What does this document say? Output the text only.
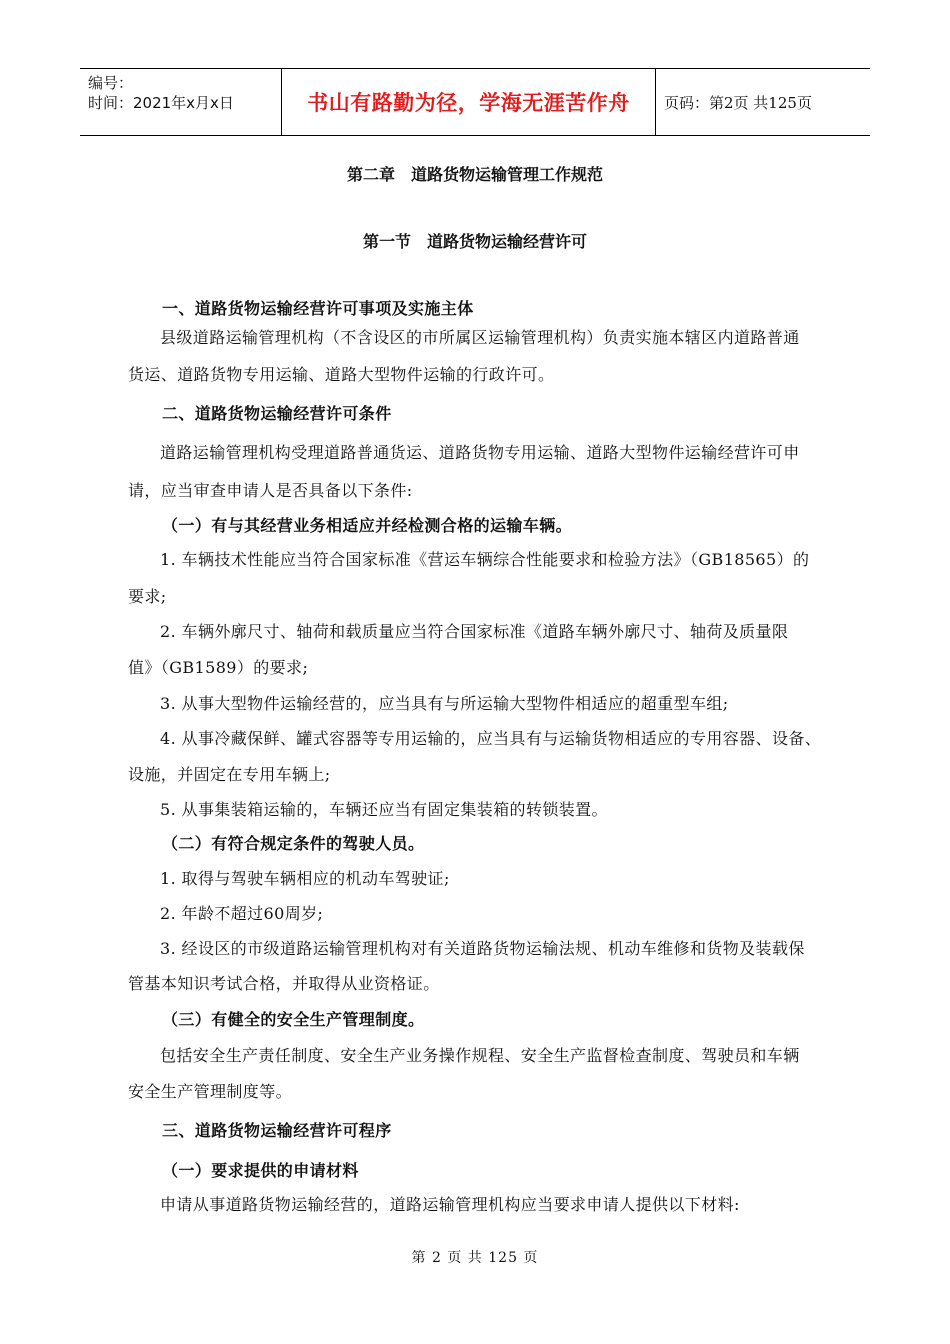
编号：
时间：2021年x月x日	书山有路勤为径，学海无涯苦作舟 页码：第2页 共125页
第二章　道路货物运输管理工作规范
第一节　道路货物运输经营许可
一、道路货物运输经营许可事项及实施主体
县级道路运输管理机构（不含设区的市所属区运输管理机构）负责实施本辖区内道路普通
货运、道路货物专用运输、道路大型物件运输的行政许可。
二、道路货物运输经营许可条件
道路运输管理机构受理道路普通货运、道路货物专用运输、道路大型物件运输经营许可申
请，应当审查申请人是否具备以下条件:
（一）有与其经营业务相适应并经检测合格的运输车辆。
1. 车辆技术性能应当符合国家标准《营运车辆综合性能要求和检验方法》（GB18565）的
要求;
2. 车辆外廓尺寸、轴荷和载质量应当符合国家标准《道路车辆外廓尺寸、轴荷及质量限
值》（GB1589）的要求;
3. 从事大型物件运输经营的，应当具有与所运输大型物件相适应的超重型车组;
4. 从事冷藏保鲜、罐式容器等专用运输的，应当具有与运输货物相适应的专用容器、设备、
设施，并固定在专用车辆上;
5. 从事集装箱运输的，车辆还应当有固定集装箱的转锁装置。
（二）有符合规定条件的驾驶人员。
1. 取得与驾驶车辆相应的机动车驾驶证;
2. 年龄不超过60周岁;
3. 经设区的市级道路运输管理机构对有关道路货物运输法规、机动车维修和货物及装载保
管基本知识考试合格，并取得从业资格证。
（三）有健全的安全生产管理制度。
包括安全生产责任制度、安全生产业务操作规程、安全生产监督检查制度、驾驶员和车辆
安全生产管理制度等。
三、道路货物运输经营许可程序
（一）要求提供的申请材料
申请从事道路货物运输经营的，道路运输管理机构应当要求申请人提供以下材料:
第 2 页 共 125 页
